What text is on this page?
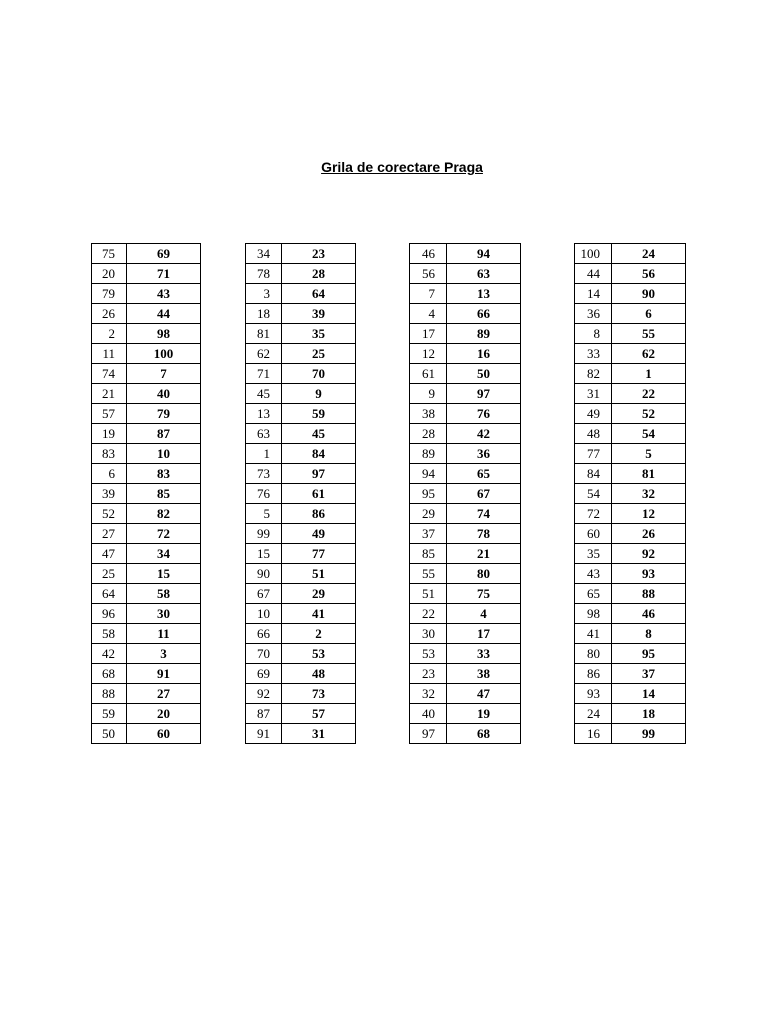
Grila de corectare Praga
75	69
20	71
79	43
26	44
2	98
11	100
74	7
21	40
57	79
19	87
83	10
6	83
39	85
52	82
27	72
47	34
25	15
64	58
96	30
58	11
42	3
68	91
88	27
59	20
50	60
34	23
78	28
3	64
18	39
81	35
62	25
71	70
45	9
13	59
63	45
1	84
73	97
76	61
5	86
99	49
15	77
90	51
67	29
10	41
66	2
70	53
69	48
92	73
87	57
91	31
46	94
56	63
7	13
4	66
17	89
12	16
61	50
9	97
38	76
28	42
89	36
94	65
95	67
29	74
37	78
85	21
55	80
51	75
22	4
30	17
53	33
23	38
32	47
40	19
97	68
100	24
44	56
14	90
36	6
8	55
33	62
82	1
31	22
49	52
48	54
77	5
84	81
54	32
72	12
60	26
35	92
43	93
65	88
98	46
41	8
80	95
86	37
93	14
24	18
16	99
